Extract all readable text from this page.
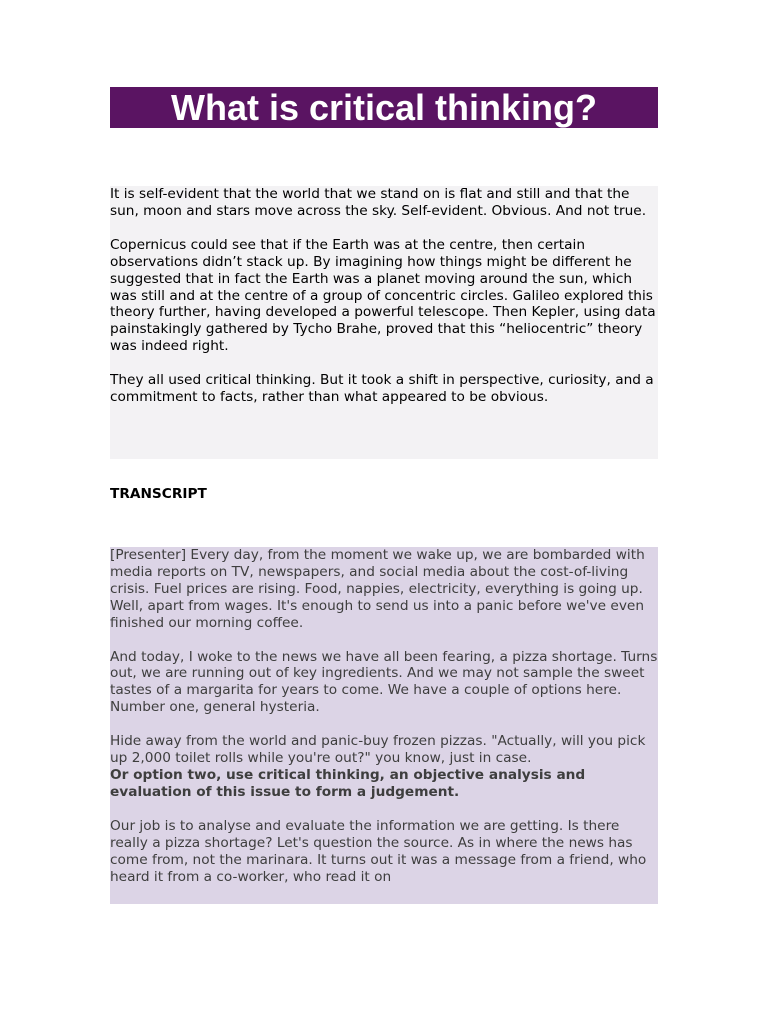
What is critical thinking?

It is self-evident that the world that we stand on is flat and still and that the sun, moon and stars move across the sky. Self-evident. Obvious. And not true.

Copernicus could see that if the Earth was at the centre, then certain observations didn’t stack up. By imagining how things might be different he suggested that in fact the Earth was a planet moving around the sun, which was still and at the centre of a group of concentric circles. Galileo explored this theory further, having developed a powerful telescope. Then Kepler, using data painstakingly gathered by Tycho Brahe, proved that this “heliocentric” theory was indeed right.

They all used critical thinking. But it took a shift in perspective, curiosity, and a commitment to facts, rather than what appeared to be obvious.

TRANSCRIPT

[Presenter] Every day, from the moment we wake up, we are bombarded with media reports on TV, newspapers, and social media about the cost-of-living crisis. Fuel prices are rising. Food, nappies, electricity, everything is going up. Well, apart from wages. It's enough to send us into a panic before we've even finished our morning coffee.

And today, I woke to the news we have all been fearing, a pizza shortage. Turns out, we are running out of key ingredients. And we may not sample the sweet tastes of a margarita for years to come. We have a couple of options here. Number one, general hysteria.

Hide away from the world and panic-buy frozen pizzas. "Actually, will you pick up 2,000 toilet rolls while you're out?" you know, just in case.
Or option two, use critical thinking, an objective analysis and evaluation of this issue to form a judgement.

Our job is to analyse and evaluate the information we are getting. Is there really a pizza shortage? Let's question the source. As in where the news has come from, not the marinara. It turns out it was a message from a friend, who heard it from a co-worker, who read it on
